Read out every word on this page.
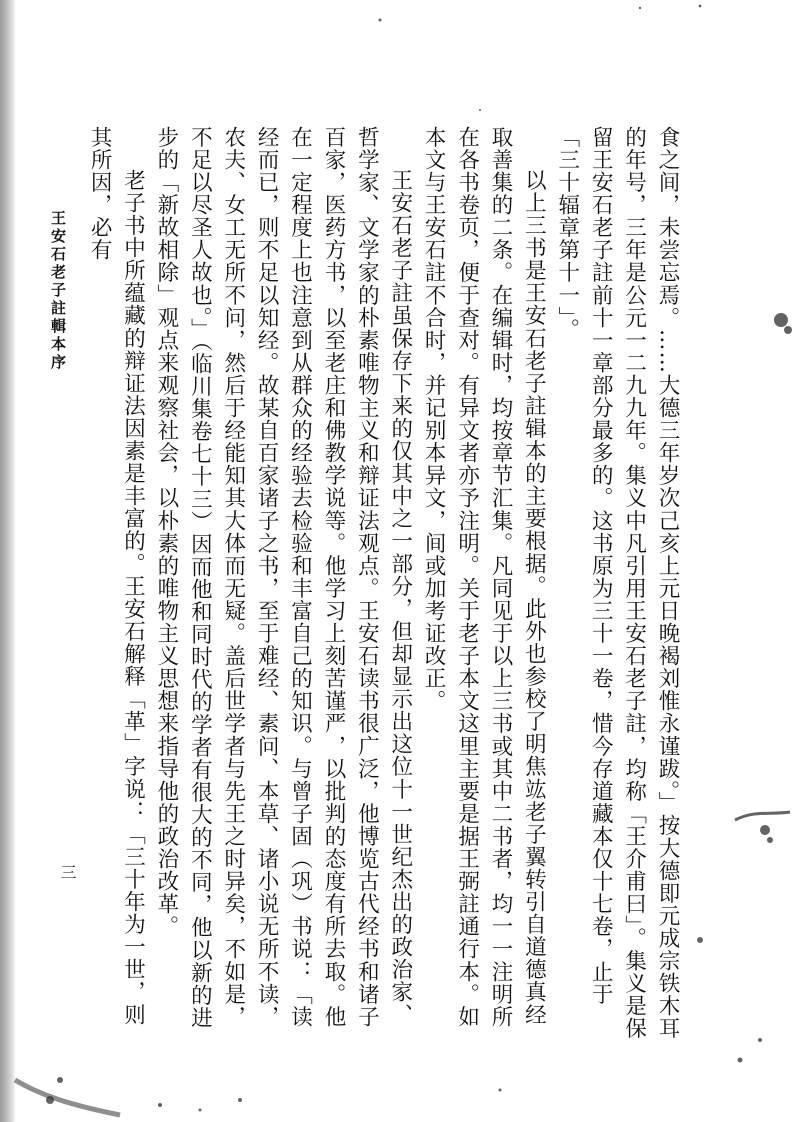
食之间，未尝忘焉。……大德三年岁次己亥上元日晚褐刘惟永谨跋。」按大德即元成宗铁木耳的年号，三年是公元一二九九年。集义中凡引用王安石老子註，均称「王介甫曰」。集义是保留王安石老子註前十一章部分最多的。这书原为三十一卷，惜今存道藏本仅十七卷，止于「三十辐章第十一」。

以上三书是王安石老子註辑本的主要根据。此外也参校了明焦竑老子翼转引自道德真经取善集的二条。在编辑时，均按章节汇集。凡同见于以上三书或其中二书者，均一一注明所在各书卷页，便于查对。有异文者亦予注明。关于老子本文这里主要是据王弼註通行本。如本文与王安石註不合时，并记别本异文，间或加考证改正。

王安石老子註虽保存下来的仅其中之一部分，但却显示出这位十一世纪杰出的政治家、哲学家、文学家的朴素唯物主义和辩证法观点。王安石读书很广泛，他博览古代经书和诸子百家，医药方书，以至老庄和佛教学说等。他学习上刻苦谨严，以批判的态度有所去取。他在一定程度上也注意到从群众的经验去检验和丰富自己的知识。与曾子固（巩）书说：「读经而已，则不足以知经。故某自百家诸子之书，至于难经、素问、本草、诸小说无所不读，农夫、女工无所不问，然后于经能知其大体而无疑。盖后世学者与先王之时异矣，不如是，不足以尽圣人故也。」（临川集卷七十三）因而他和同时代的学者有很大的不同，他以新的进步的「新故相除」观点来观察社会，以朴素的唯物主义思想来指导他的政治改革。

老子书中所蕴藏的辩证法因素是丰富的。王安石解释「革」字说：「三十年为一世，则其所因，必有

王安石老子註輯本序
三
